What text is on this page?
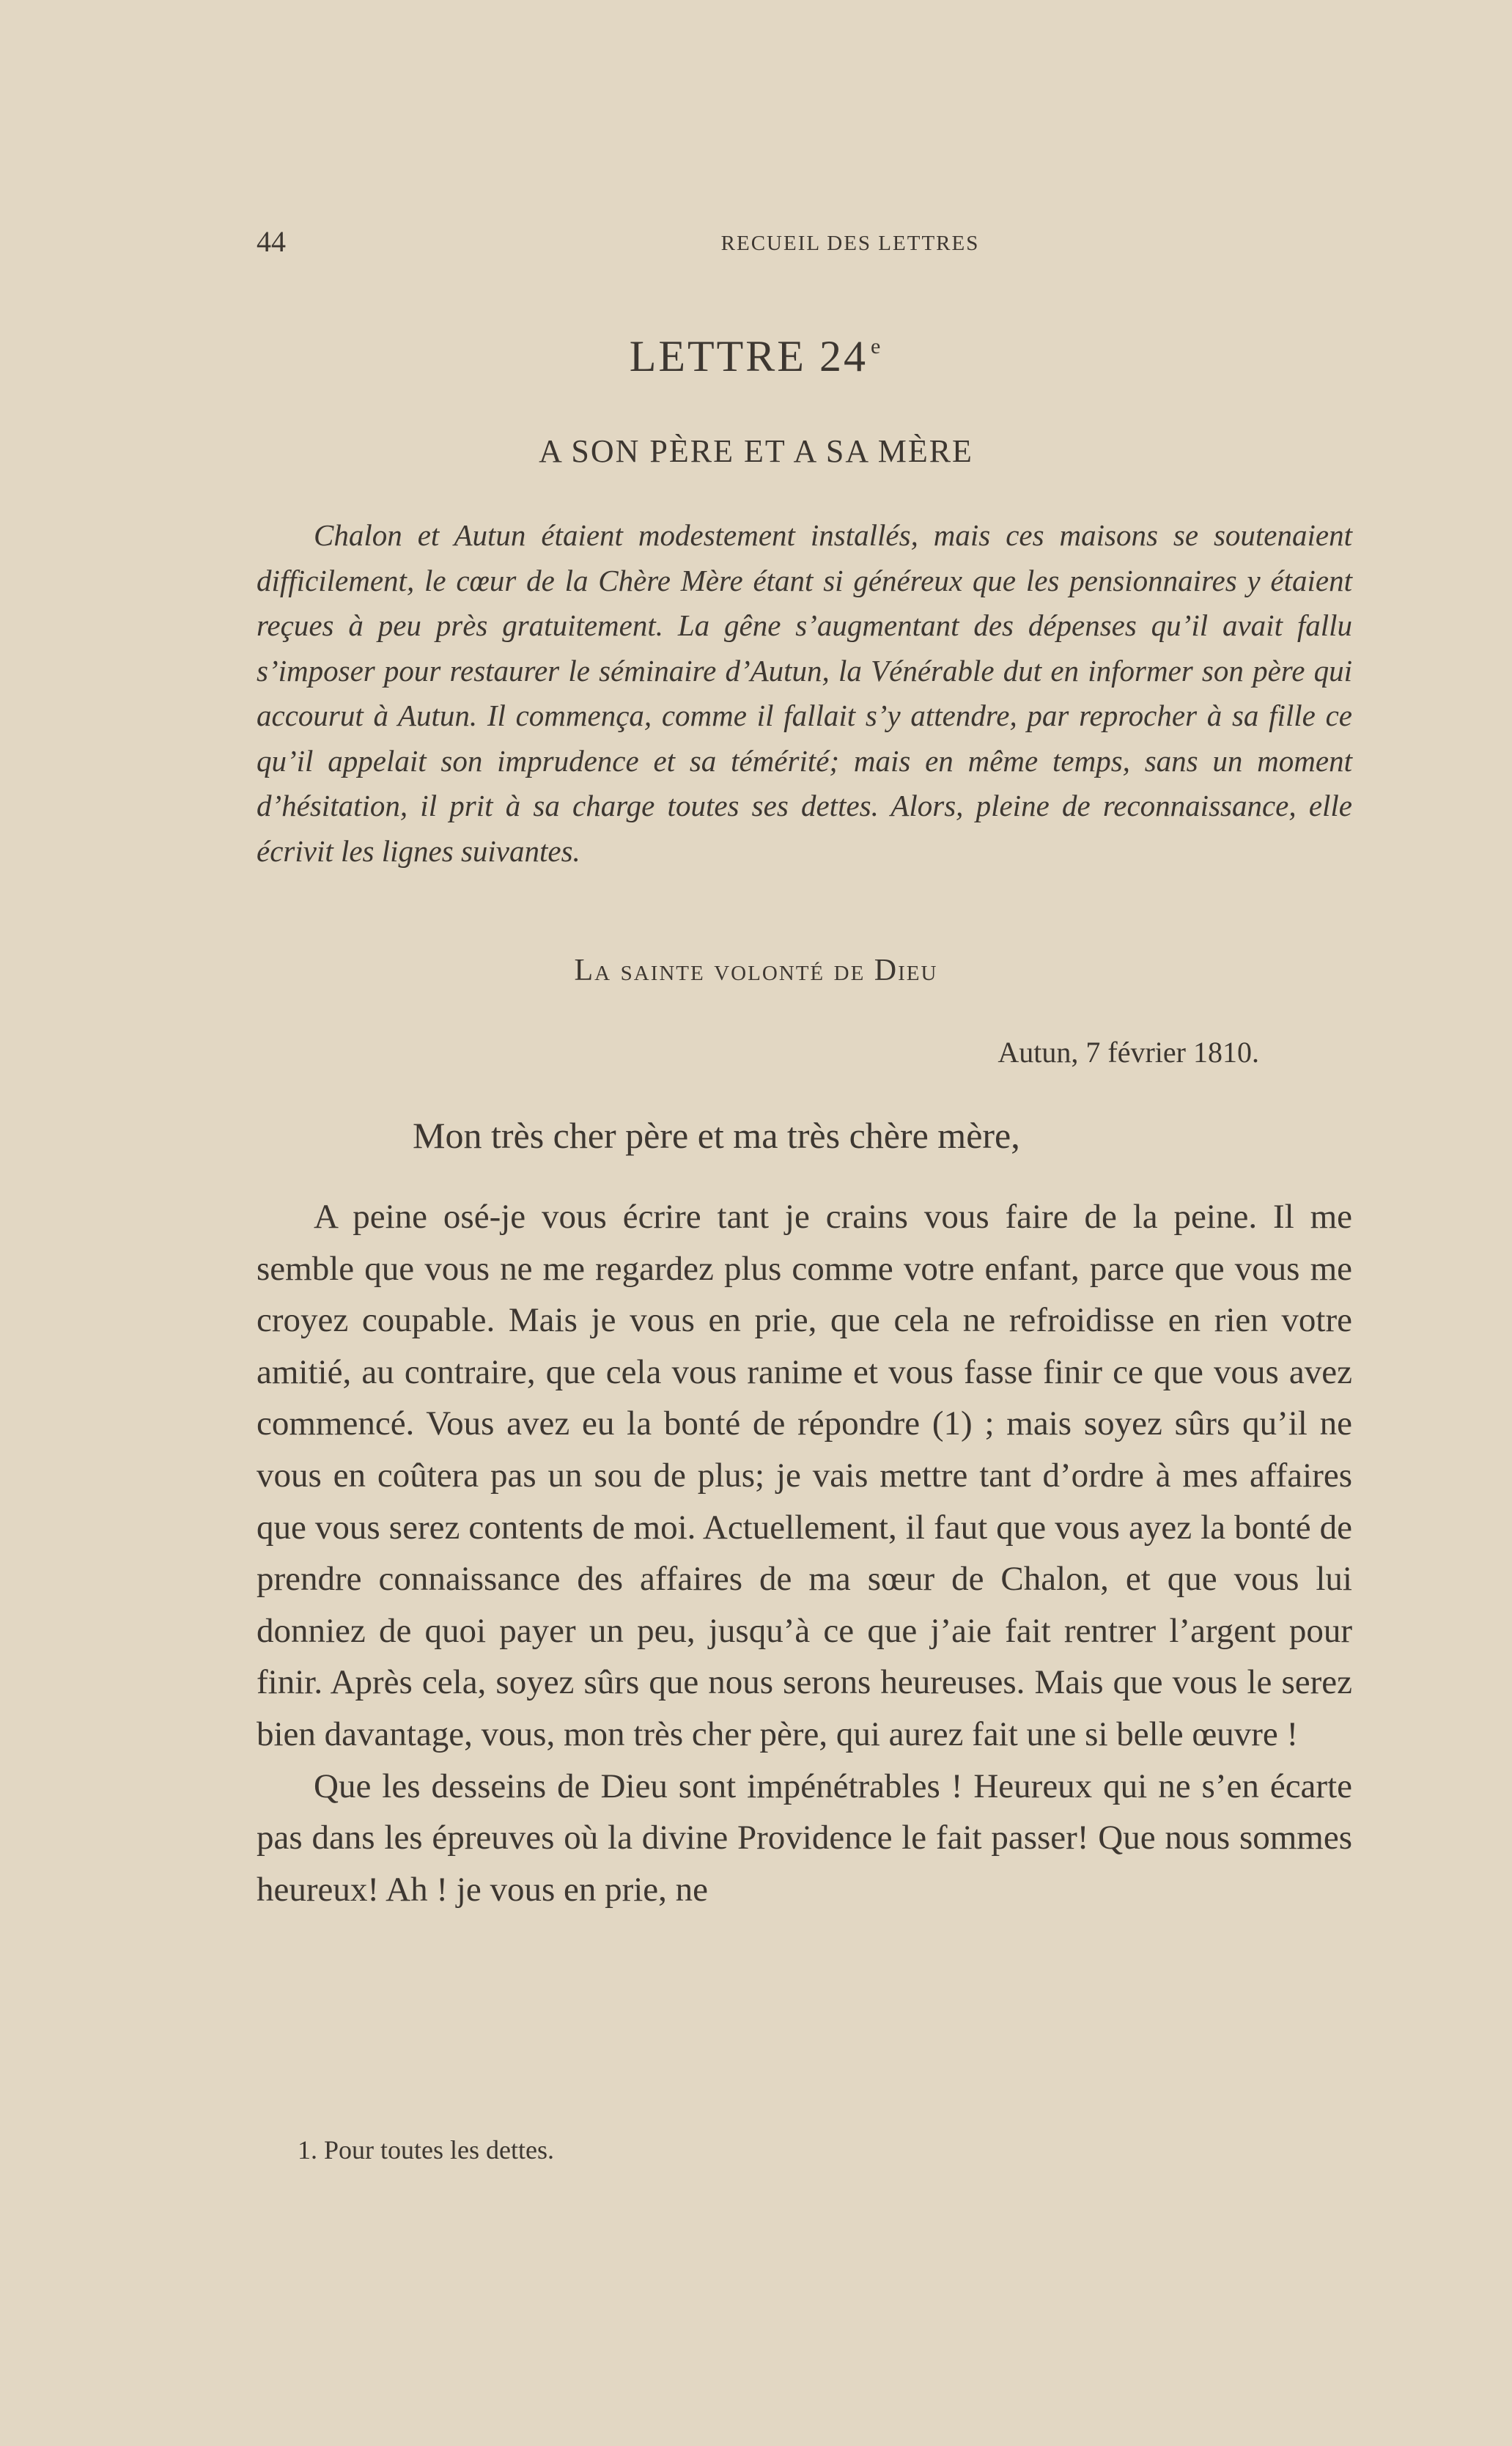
44	RECUEIL DES LETTRES
LETTRE 24 $^e$
A SON PÈRE ET A SA MÈRE
Chalon et Autun étaient modestement installés, mais ces maisons se soutenaient difficilement, le cœur de la Chère Mère étant si généreux que les pensionnaires y étaient reçues à peu près gratuitement. La gêne s’augmentant des dépenses qu’il avait fallu s’imposer pour restaurer le séminaire d’Autun, la Vénérable dut en informer son père qui accourut à Autun. Il commença, comme il fallait s’y attendre, par reprocher à sa fille ce qu’il appelait son imprudence et sa témérité; mais en même temps, sans un moment d’hésitation, il prit à sa charge toutes ses dettes. Alors, pleine de reconnaissance, elle écrivit les lignes suivantes.
La sainte volonté de Dieu
Autun, 7 février 1810.
Mon très cher père et ma très chère mère,

A peine osé-je vous écrire tant je crains vous faire de la peine. Il me semble que vous ne me regardez plus comme votre enfant, parce que vous me croyez coupable. Mais je vous en prie, que cela ne refroidisse en rien votre amitié, au contraire, que cela vous ranime et vous fasse finir ce que vous avez commencé. Vous avez eu la bonté de répondre (1) ; mais soyez sûrs qu’il ne vous en coûtera pas un sou de plus; je vais mettre tant d’ordre à mes affaires que vous serez contents de moi. Actuellement, il faut que vous ayez la bonté de prendre connaissance des affaires de ma sœur de Chalon, et que vous lui donniez de quoi payer un peu, jusqu’à ce que j’aie fait rentrer l’argent pour finir. Après cela, soyez sûrs que nous serons heureuses. Mais que vous le serez bien davantage, vous, mon très cher père, qui aurez fait une si belle œuvre !

Que les desseins de Dieu sont impénétrables ! Heureux qui ne s’en écarte pas dans les épreuves où la divine Providence le fait passer! Que nous sommes heureux! Ah ! je vous en prie, ne

1. Pour toutes les dettes.
